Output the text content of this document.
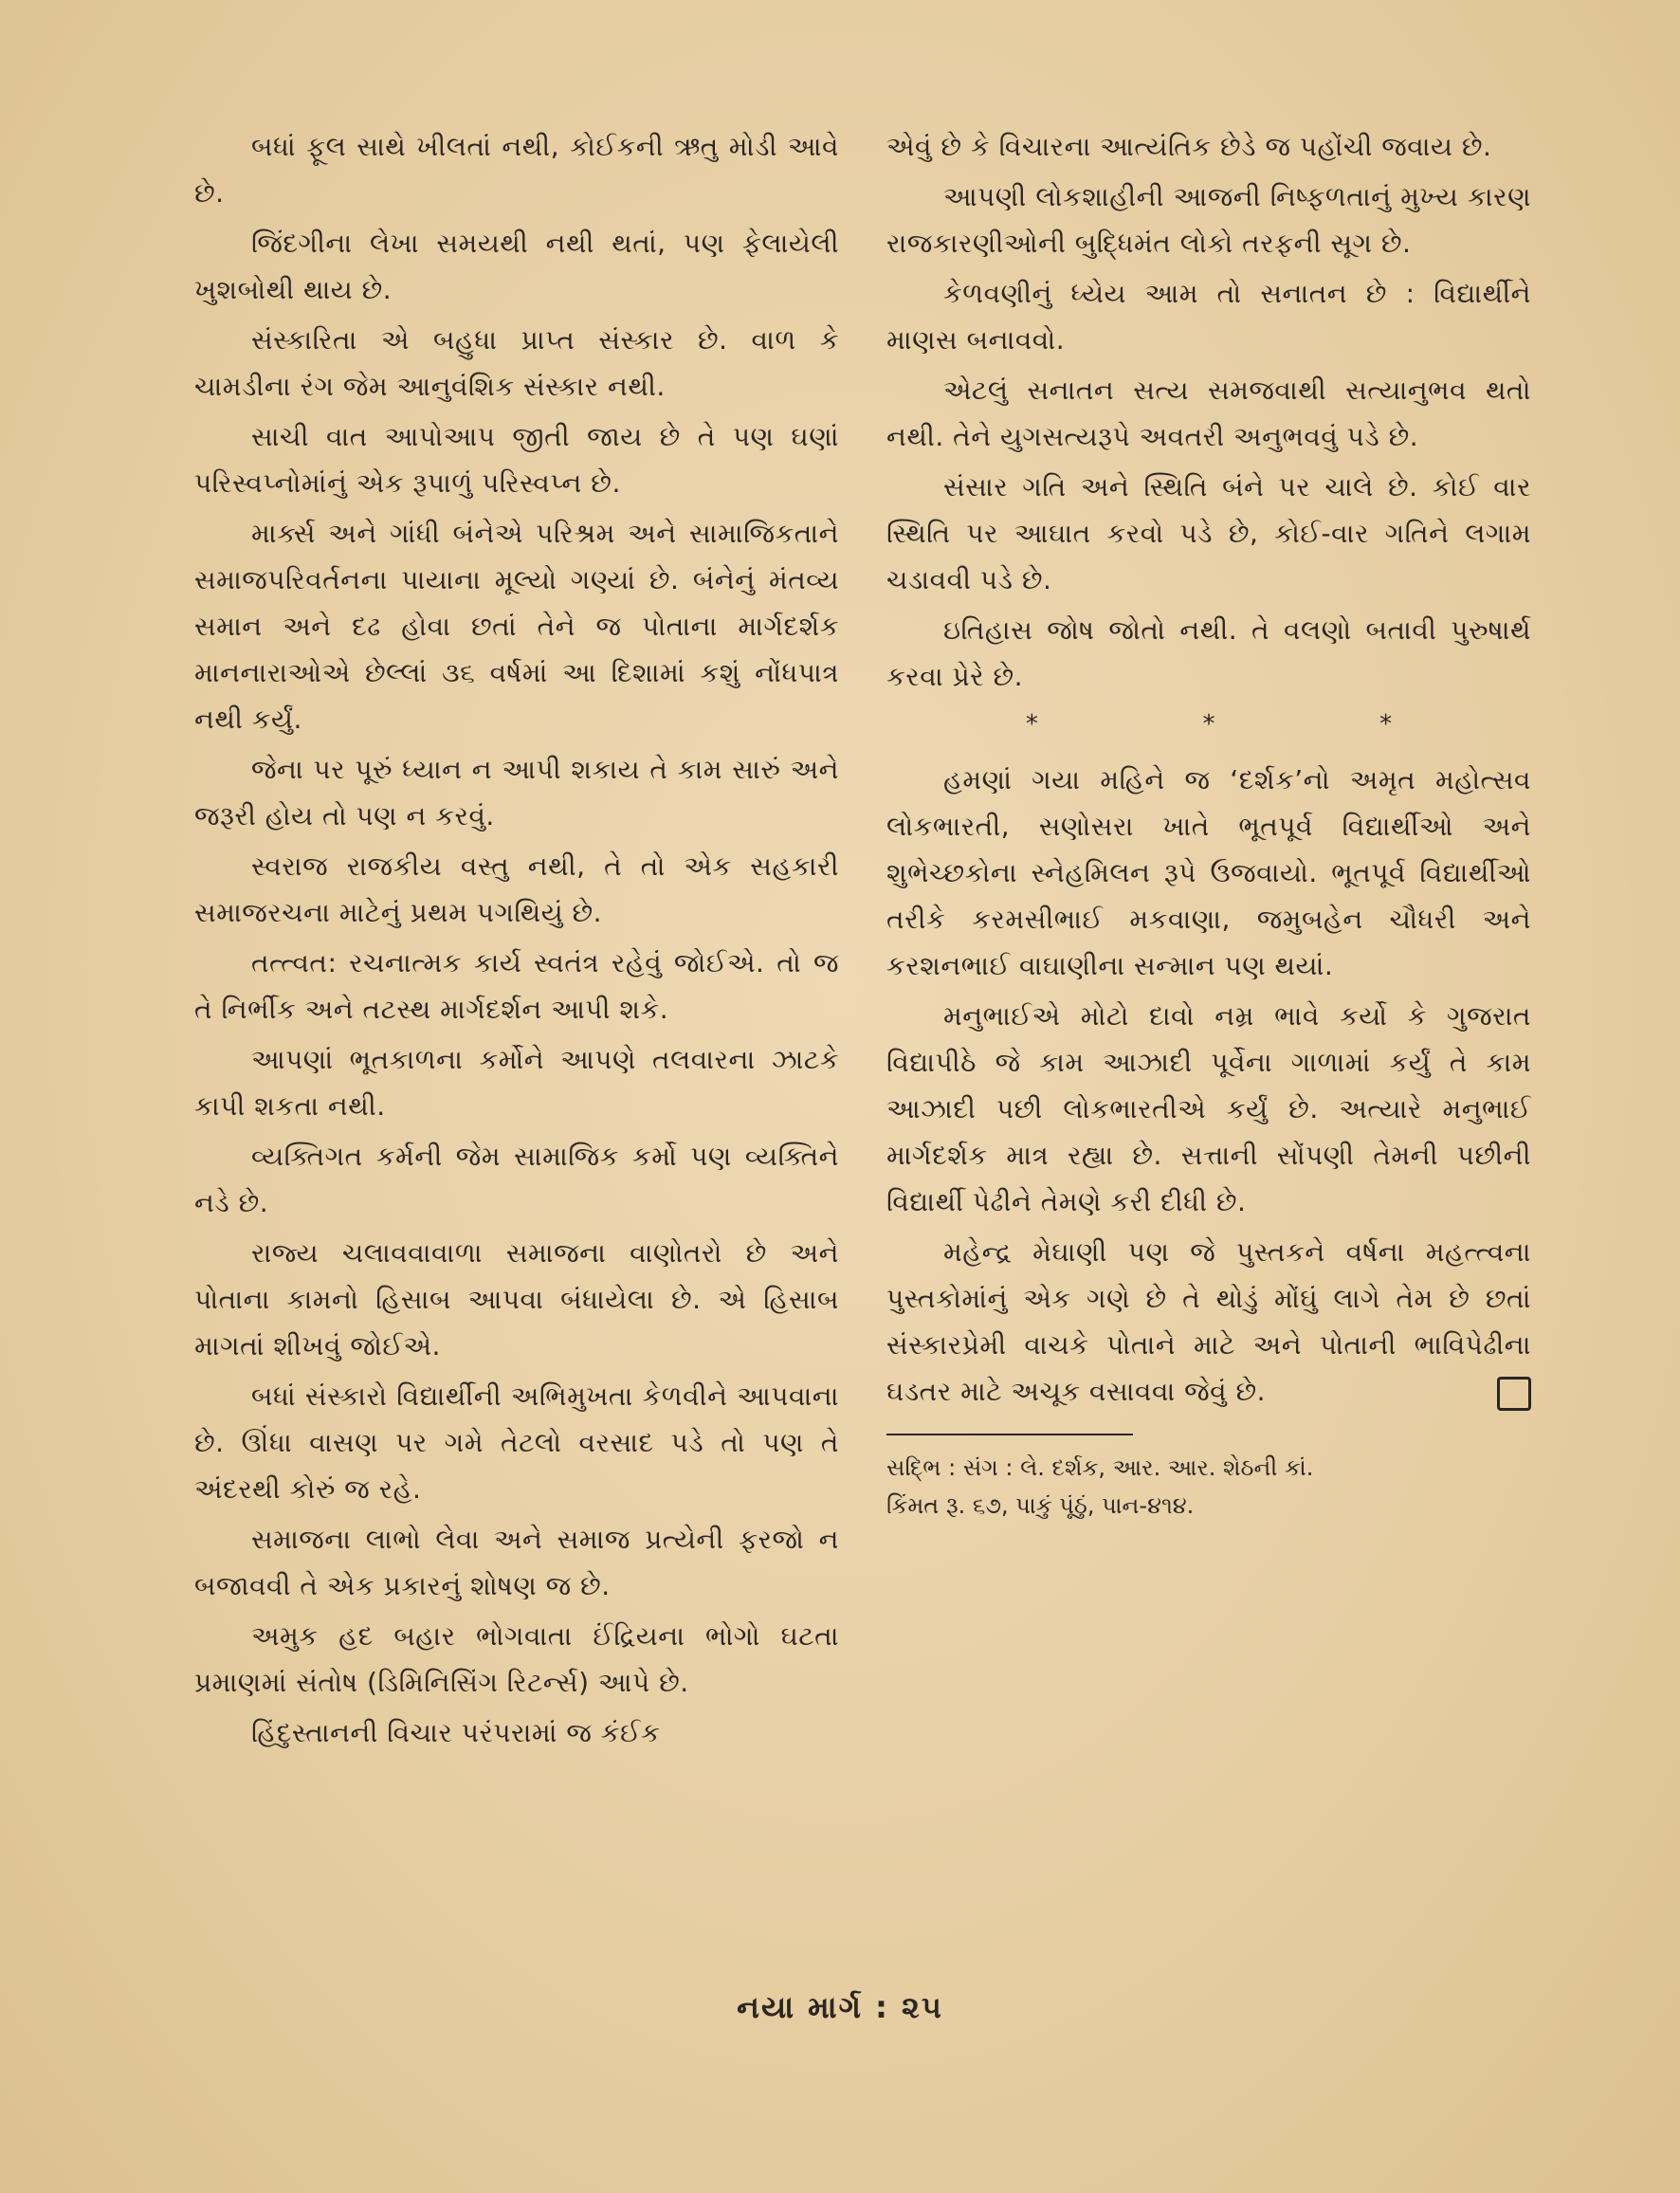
બધાં ફૂલ સાથે ખીલતાં નથી, કોઈકની ઋતુ મોડી આવે છે.

જિંદગીના લેખા સમયથી નથી થતાં, પણ ફેલાયેલી ખુશબોથી થાય છે.

સંસ્કારિતા એ બહુધા પ્રાપ્ત સંસ્કાર છે. વાળ કે ચામડીના રંગ જેમ આનુવંશિક સંસ્કાર નથી.

સાચી વાત આપોઆપ જીતી જાય છે તે પણ ઘણાં પરિસ્વપ્નોમાંનું એક રૂપાળું પરિસ્વપ્ન છે.

માર્ક્સ અને ગાંધી બંનેએ પરિશ્રમ અને સામાજિકતાને સમાજપરિવર્તનના પાયાના મૂલ્યો ગણ્યાં છે. બંનેનું મંતવ્ય સમાન અને દઢ હોવા છતાં તેને જ પોતાના માર્ગદર્શક માનનારાઓએ છેલ્લાં ૩૬ વર્ષમાં આ દિશામાં કશું નોંધપાત્ર નથી કર્યું.

જેના પર પૂરું ધ્યાન ન આપી શકાય તે કામ સારું અને જરૂરી હોય તો પણ ન કરવું.

સ્વરાજ રાજકીય વસ્તુ નથી, તે તો એક સહકારી સમાજરચના માટેનું પ્રથમ પગથિયું છે.

તત્ત્વત: રચનાત્મક કાર્ય સ્વતંત્ર રહેવું જોઈએ. તો જ તે નિર્ભીક અને તટસ્થ માર્ગદર્શન આપી શકે.

આપણાં ભૂતકાળના કર્મોને આપણે તલવારના ઝાટકે કાપી શકતા નથી.

વ્યક્તિગત કર્મની જેમ સામાજિક કર્મો પણ વ્યક્તિને નડે છે.

રાજ્ય ચલાવવાવાળા સમાજના વાણોતરો છે અને પોતાના કામનો હિસાબ આપવા બંધાયેલા છે. એ હિસાબ માગતાં શીખવું જોઈએ.

બધાં સંસ્કારો વિદ્યાર્થીની અભિમુખતા કેળવીને આપવાના છે. ઊંધા વાસણ પર ગમે તેટલો વરસાદ પડે તો પણ તે અંદરથી કોરું જ રહે.

સમાજના લાભો લેવા અને સમાજ પ્રત્યેની ફરજો ન બજાવવી તે એક પ્રકારનું શોષણ જ છે.

અમુક હદ બહાર ભોગવાતા ઈંદ્રિયના ભોગો ઘટતા પ્રમાણમાં સંતોષ (ડિમિનિસિંગ રિટર્ન્સ) આપે છે.

હિંદુસ્તાનની વિચાર પરંપરામાં જ કંઈક

એવું છે કે વિચારના આત્યંતિક છેડે જ પહોંચી જવાય છે.

આપણી લોકશાહીની આજની નિષ્ફળતાનું મુખ્ય કારણ રાજકારણીઓની બુદ્ધિમંત લોકો તરફની સૂગ છે.

કેળવણીનું ધ્યેય આમ તો સનાતન છે : વિદ્યાર્થીને માણસ બનાવવો.

એટલું સનાતન સત્ય સમજવાથી સત્યાનુભવ થતો નથી. તેને યુગસત્યરૂપે અવતરી અનુભવવું પડે છે.

સંસાર ગતિ અને સ્થિતિ બંને પર ચાલે છે. કોઈ વાર સ્થિતિ પર આઘાત કરવો પડે છે, કોઈ-વાર ગતિને લગામ ચડાવવી પડે છે.

ઇતિહાસ જોષ જોતો નથી. તે વલણો બતાવી પુરુષાર્થ કરવા પ્રેરે છે.

*	*	*

હમણાં ગયા મહિને જ ‘દર્શક’નો અમૃત મહોત્સવ લોકભારતી, સણોસરા ખાતે ભૂતપૂર્વ વિદ્યાર્થીઓ અને શુભેચ્છકોના સ્નેહમિલન રૂપે ઉજવાયો. ભૂતપૂર્વ વિદ્યાર્થીઓ તરીકે કરમસીભાઈ મકવાણા, જમુબહેન ચૌધરી અને કરશનભાઈ વાઘાણીના સન્માન પણ થયાં.

મનુભાઈએ મોટો દાવો નમ્ર ભાવે કર્યો કે ગુજરાત વિદ્યાપીઠે જે કામ આઝાદી પૂર્વેના ગાળામાં કર્યું તે કામ આઝાદી પછી લોકભારતીએ કર્યું છે. અત્યારે મનુભાઈ માર્ગદર્શક માત્ર રહ્યા છે. સત્તાની સોંપણી તેમની પછીની વિદ્યાર્થી પેઢીને તેમણે કરી દીધી છે.

મહેન્દ્ર મેઘાણી પણ જે પુસ્તકને વર્ષના મહત્ત્વના પુસ્તકોમાંનું એક ગણે છે તે થોડું મોંઘું લાગે તેમ છે છતાં સંસ્કારપ્રેમી વાચકે પોતાને માટે અને પોતાની ભાવિપેઢીના ઘડતર માટે અચૂક વસાવવા જેવું છે.

સદ્ભિ : સંગ : લે. દર્શક, આર. આર. શેઠની કાં.
કિંમત રૂ. ૬૭, પાકું પૂંઠું, પાન-૪૧૪.
નયા માર્ગ : ૨૫
